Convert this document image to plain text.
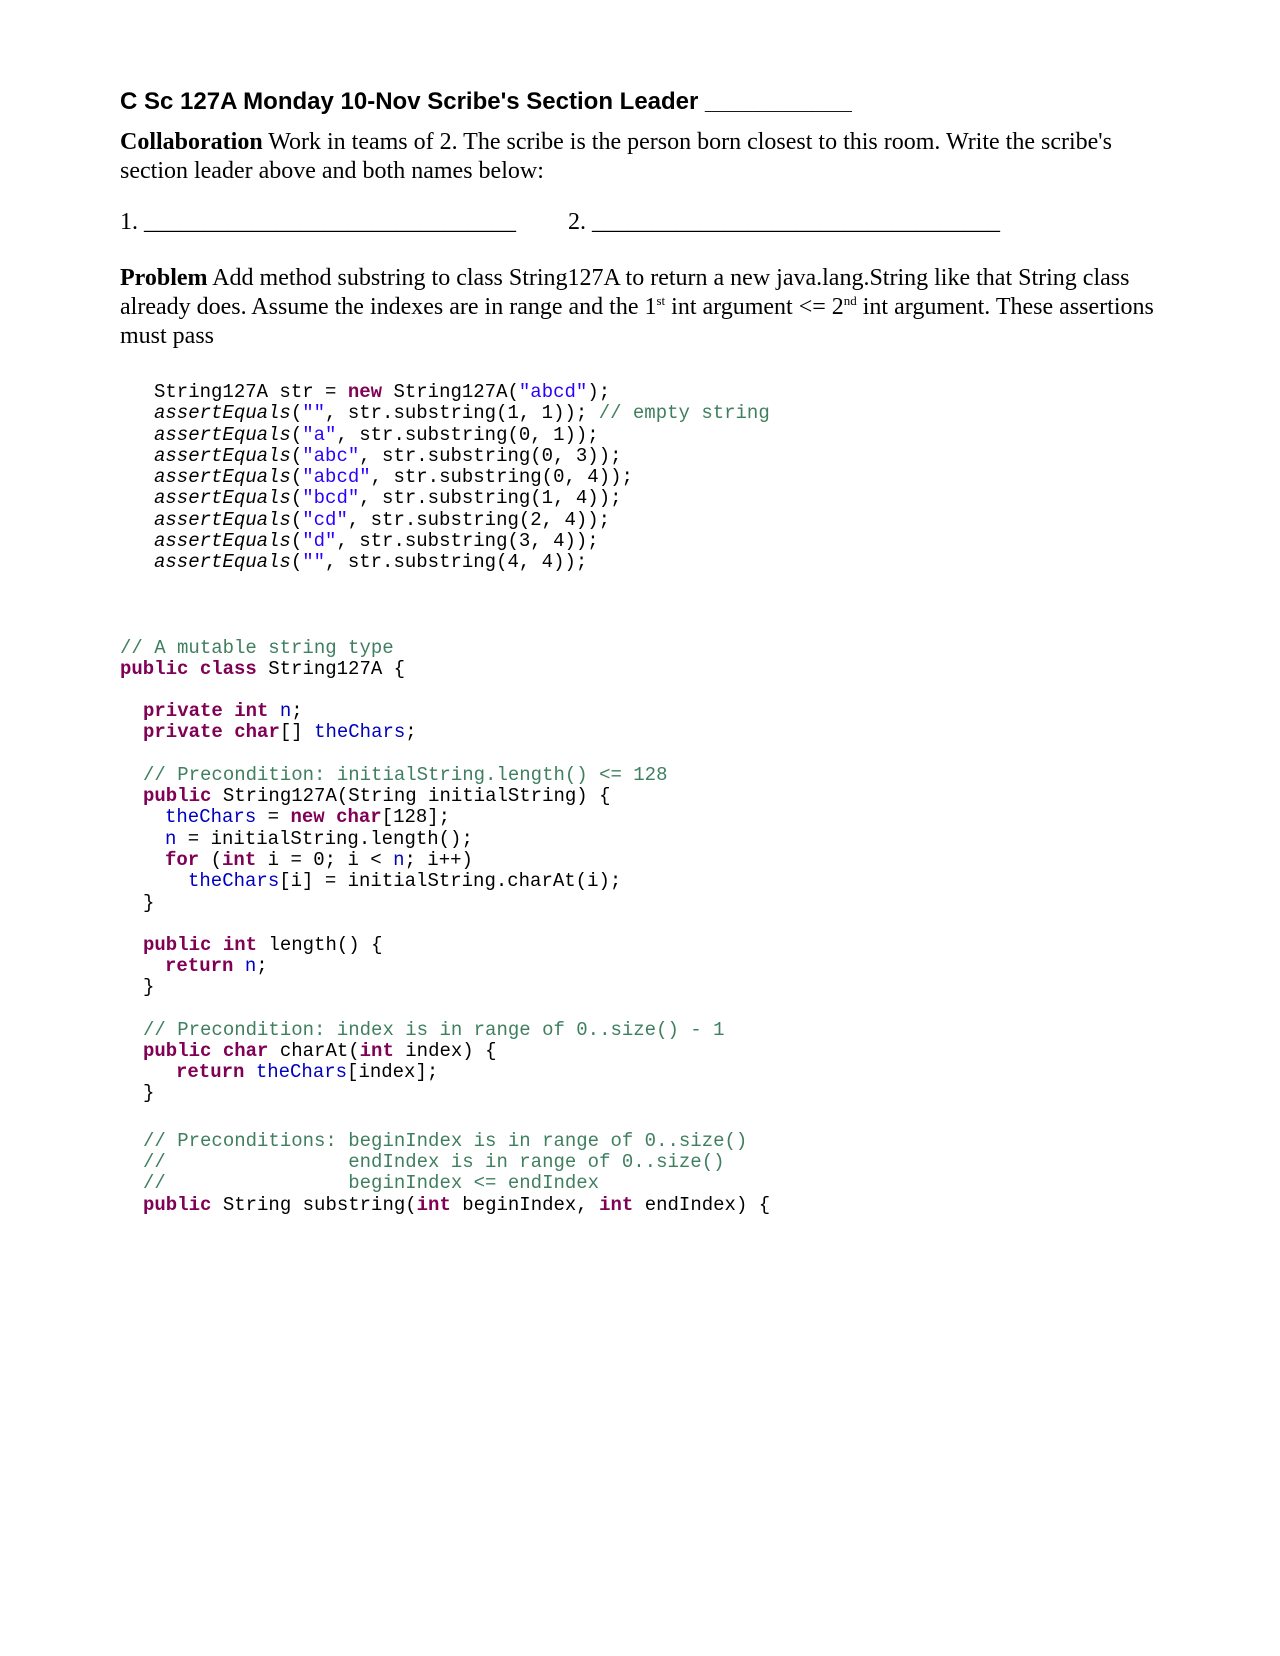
C Sc 127A Monday 10-Nov Scribe's Section Leader ___________
Collaboration Work in teams of 2. The scribe is the person born closest to this room. Write the scribe's section leader above and both names below:
1. _______________________________ 2. __________________________________
Problem Add method substring to class String127A to return a new java.lang.String like that String class already does. Assume the indexes are in range and the 1st int argument <= 2nd int argument. These assertions must pass
String127A str = new String127A("abcd");
assertEquals("", str.substring(1, 1)); // empty string
assertEquals("a", str.substring(0, 1));
assertEquals("abc", str.substring(0, 3));
assertEquals("abcd", str.substring(0, 4));
assertEquals("bcd", str.substring(1, 4));
assertEquals("cd", str.substring(2, 4));
assertEquals("d", str.substring(3, 4));
assertEquals("", str.substring(4, 4));
// A mutable string type
public class String127A {
private int n;
private char[] theChars;
// Precondition: initialString.length() <= 128
public String127A(String initialString) {
theChars = new char[128];
n = initialString.length();
for (int i = 0; i < n; i++)
theChars[i] = initialString.charAt(i);
}
public int length() {
return n;
}
// Precondition: index is in range of 0..size() - 1
public char charAt(int index) {
return theChars[index];
}
// Preconditions: beginIndex is in range of 0..size()
//                endIndex is in range of 0..size()
//                beginIndex <= endIndex
public String substring(int beginIndex, int endIndex) {
